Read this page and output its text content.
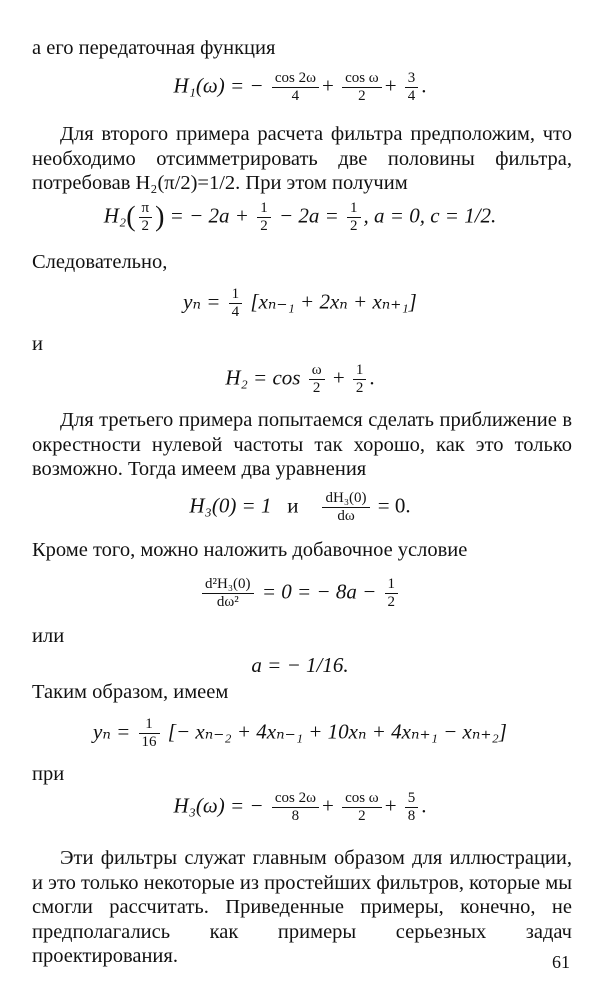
а его передаточная функция
H₁(ω) = − $\frac{\cos 2\omega}{4} + \frac{\text{cos ω}}{2} + \frac{3}{4}$ .
Для второго примера расчета фильтра предположим, что необходимо отсимметрировать две половины фильтра, потребовав H₂(π/2)=1/2. При этом получим
$H_2( \frac{\pi}{2}$ ) = − $2a + \frac{1}{2} - 2a = \frac{1}{2}$ , a = 0, c = 1/2.
Следовательно,
$y_n = \frac{1}{4} [x_{n-1} + 2x_n + x_{n+1}]$
и
$H_2 = \cos \frac{\omega}{2} + \frac{1}{2}$ .
Для третьего примера попытаемся сделать приближение в окрестности нулевой частоты так хорошо, как это только возможно. Тогда имеем два уравнения
H₃(0) = 1 и $\frac{\text{dH₃(0)}}{d\omega} = 0$.
Кроме того, можно наложить добавочное условие
$\frac{\text{d²H₃(0)}}{\text{dω²}} = 0$ = − $8a - \frac{1}{2}$
или
a = − 1/16.
Таким образом, имеем
$y_n = \frac{1}{16}$ [− xₙ₋₂ + 4xₙ₋₁ + 10xₙ + 4xₙ₊₁ − xₙ₊₂]
при
H₃(ω) = − $\frac{\cos 2\omega}{8} + \frac{\text{cos ω}}{2} + \frac{5}{8}$ .
Эти фильтры служат главным образом для иллюстрации, и это только некоторые из простейших фильтров, которые мы смогли рассчитать. Приведенные примеры, конечно, не предполагались как примеры серьезных задач проектирования.	61
